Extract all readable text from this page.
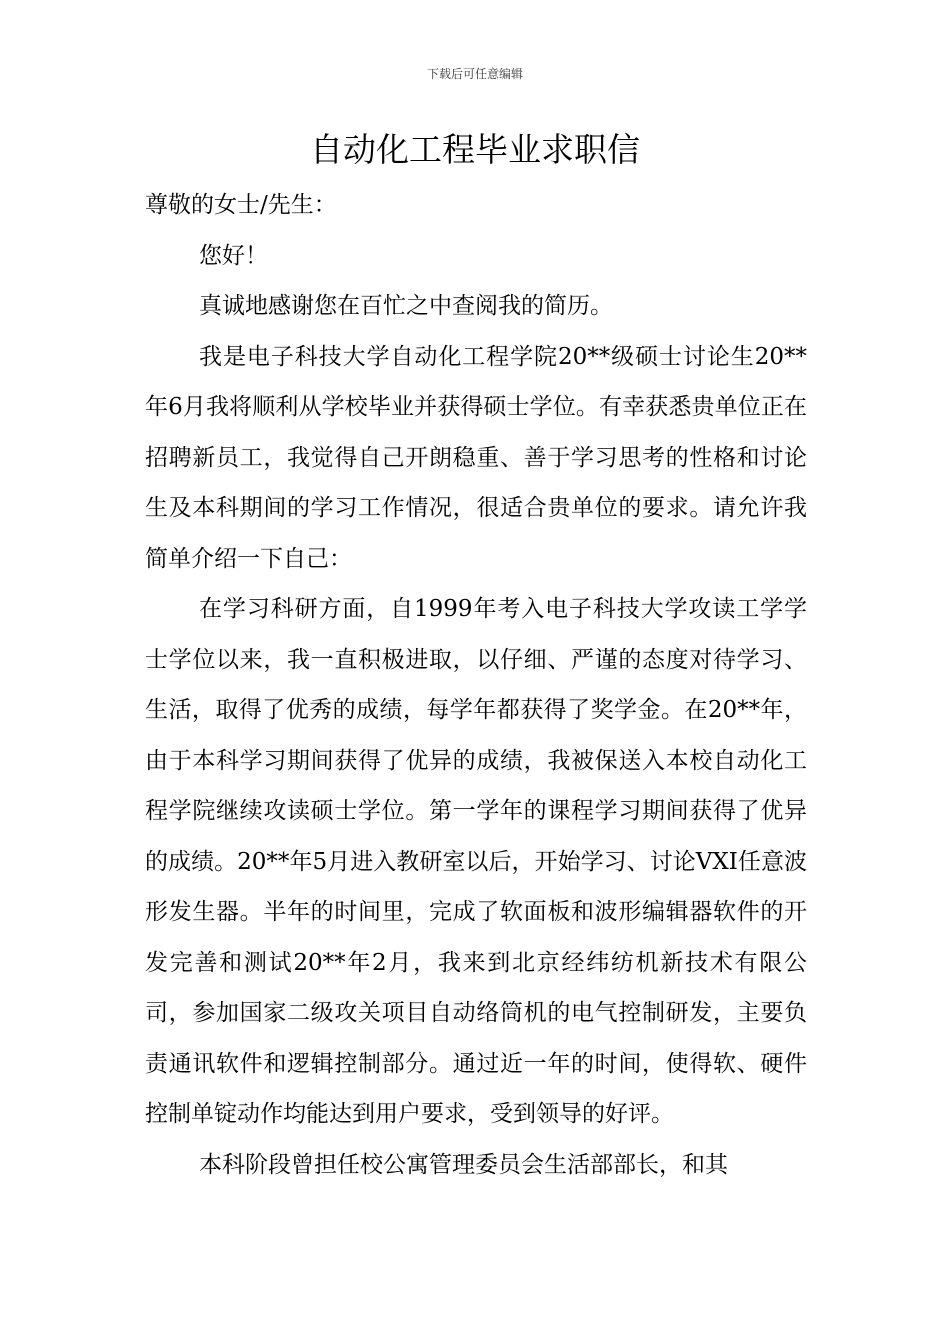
下载后可任意编辑
自动化工程毕业求职信

尊敬的女士/先生：

您好！

真诚地感谢您在百忙之中查阅我的简历。

我是电子科技大学自动化工程学院20**级硕士讨论生20**年6月我将顺利从学校毕业并获得硕士学位。有幸获悉贵单位正在招聘新员工，我觉得自己开朗稳重、善于学习思考的性格和讨论生及本科期间的学习工作情况，很适合贵单位的要求。请允许我简单介绍一下自己：

在学习科研方面，自1999年考入电子科技大学攻读工学学士学位以来，我一直积极进取，以仔细、严谨的态度对待学习、生活，取得了优秀的成绩，每学年都获得了奖学金。在20**年，由于本科学习期间获得了优异的成绩，我被保送入本校自动化工程学院继续攻读硕士学位。第一学年的课程学习期间获得了优异的成绩。20**年5月进入教研室以后，开始学习、讨论VXI任意波形发生器。半年的时间里，完成了软面板和波形编辑器软件的开发完善和测试20**年2月，我来到北京经纬纺机新技术有限公司，参加国家二级攻关项目自动络筒机的电气控制研发，主要负责通讯软件和逻辑控制部分。通过近一年的时间，使得软、硬件控制单锭动作均能达到用户要求，受到领导的好评。

本科阶段曾担任校公寓管理委员会生活部部长，和其
